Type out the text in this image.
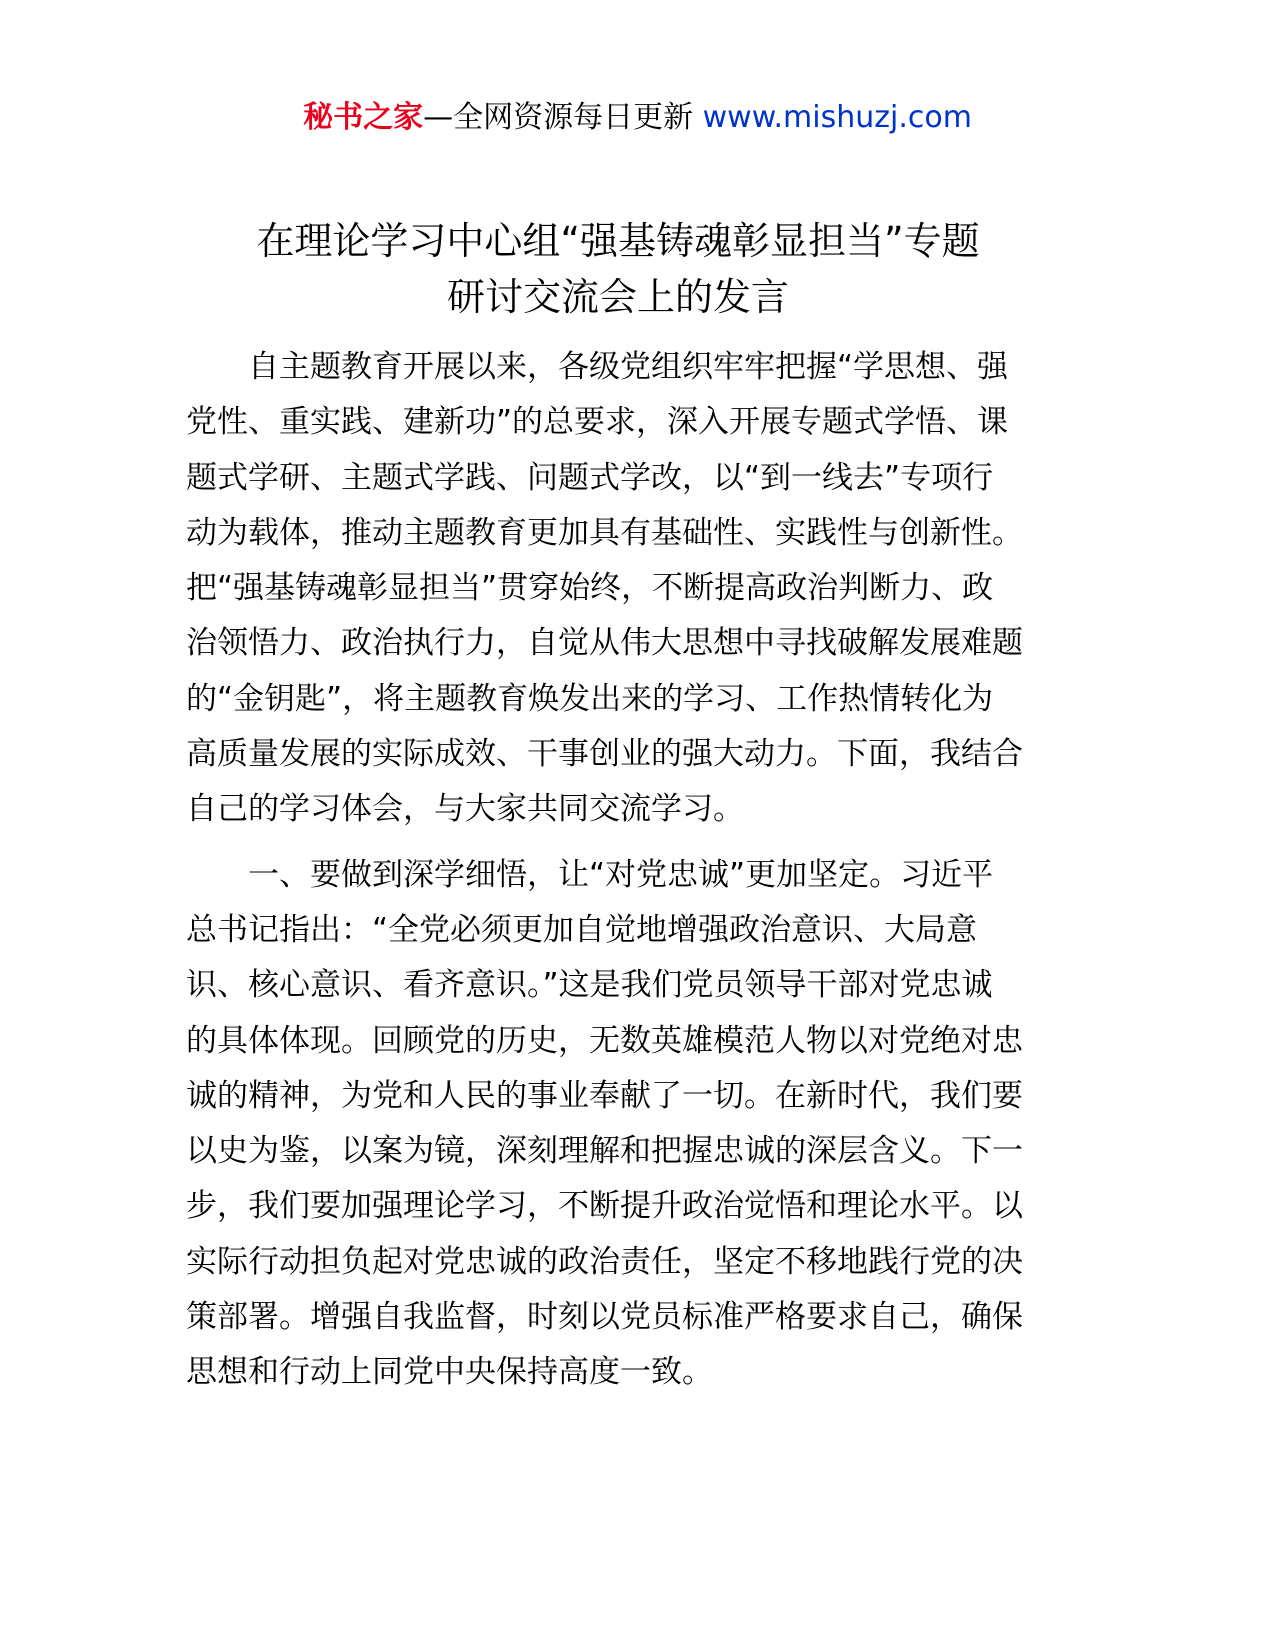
秘书之家—全网资源每日更新 www.mishuzj.com
在理论学习中心组“强基铸魂彰显担当”专题
研讨交流会上的发言

自主题教育开展以来，各级党组织牢牢把握“学思想、强
党性、重实践、建新功”的总要求，深入开展专题式学悟、课
题式学研、主题式学践、问题式学改，以“到一线去”专项行
动为载体，推动主题教育更加具有基础性、实践性与创新性。
把“强基铸魂彰显担当”贯穿始终，不断提高政治判断力、政
治领悟力、政治执行力，自觉从伟大思想中寻找破解发展难题
的“金钥匙”，将主题教育焕发出来的学习、工作热情转化为
高质量发展的实际成效、干事创业的强大动力。下面，我结合
自己的学习体会，与大家共同交流学习。

一、要做到深学细悟，让“对党忠诚”更加坚定。习近平
总书记指出：“全党必须更加自觉地增强政治意识、大局意
识、核心意识、看齐意识。”这是我们党员领导干部对党忠诚
的具体体现。回顾党的历史，无数英雄模范人物以对党绝对忠
诚的精神，为党和人民的事业奉献了一切。在新时代，我们要
以史为鉴，以案为镜，深刻理解和把握忠诚的深层含义。下一
步，我们要加强理论学习，不断提升政治觉悟和理论水平。以
实际行动担负起对党忠诚的政治责任，坚定不移地践行党的决
策部署。增强自我监督，时刻以党员标准严格要求自己，确保
思想和行动上同党中央保持高度一致。
